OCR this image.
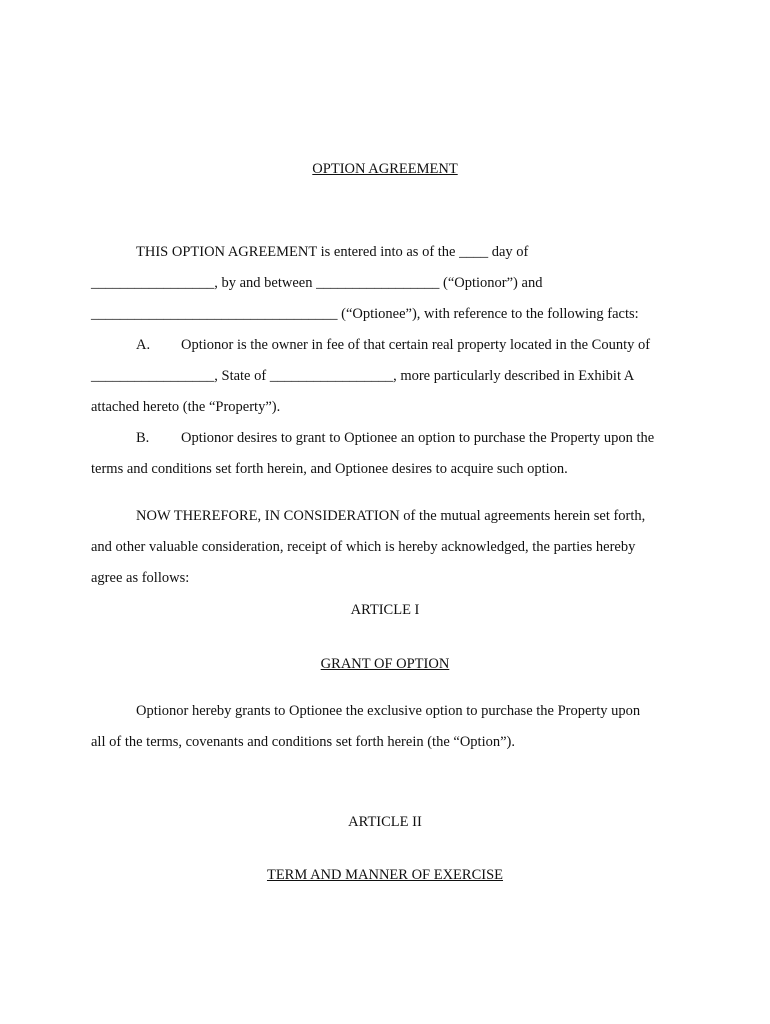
OPTION AGREEMENT
THIS OPTION AGREEMENT is entered into as of the ____ day of
_________________, by and between _________________ (“Optionor”) and
__________________________________ (“Optionee”), with reference to the following facts:
A. Optionor is the owner in fee of that certain real property located in the County of
_________________, State of _________________, more particularly described in Exhibit A
attached hereto (the “Property”).
B. Optionor desires to grant to Optionee an option to purchase the Property upon the
terms and conditions set forth herein, and Optionee desires to acquire such option.
NOW THEREFORE, IN CONSIDERATION of the mutual agreements herein set forth,
and other valuable consideration, receipt of which is hereby acknowledged, the parties hereby
agree as follows:
ARTICLE I
GRANT OF OPTION
Optionor hereby grants to Optionee the exclusive option to purchase the Property upon
all of the terms, covenants and conditions set forth herein (the “Option”).
ARTICLE II
TERM AND MANNER OF EXERCISE
